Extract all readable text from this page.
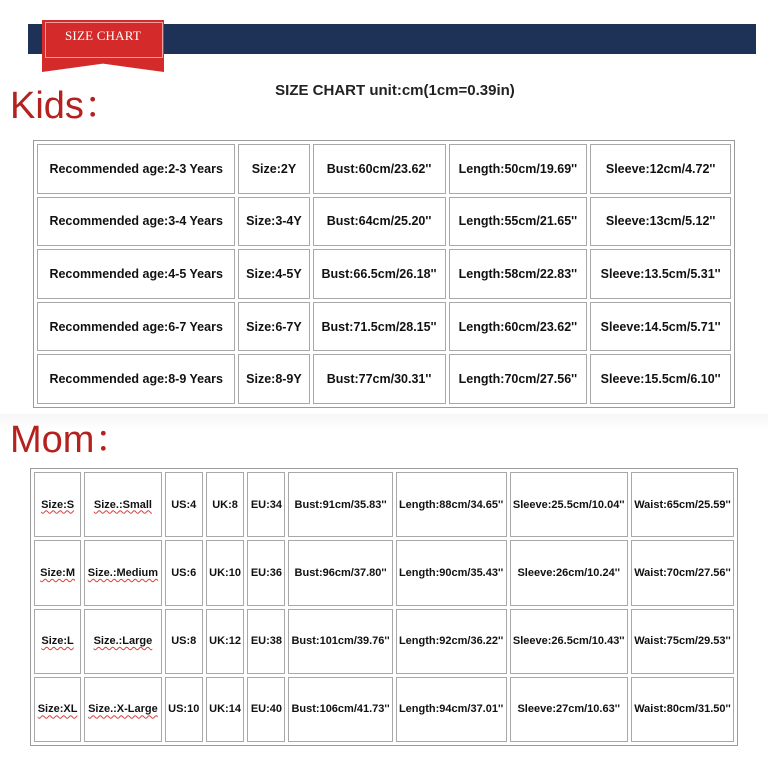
SIZE CHART
SIZE CHART unit:cm(1cm=0.39in)
Kids：
Recommended age:2-3 Years	Size:2Y	Bust:60cm/23.62''	Length:50cm/19.69''	Sleeve:12cm/4.72''
Recommended age:3-4 Years	Size:3-4Y	Bust:64cm/25.20''	Length:55cm/21.65''	Sleeve:13cm/5.12''
Recommended age:4-5 Years	Size:4-5Y	Bust:66.5cm/26.18''	Length:58cm/22.83''	Sleeve:13.5cm/5.31''
Recommended age:6-7 Years	Size:6-7Y	Bust:71.5cm/28.15''	Length:60cm/23.62''	Sleeve:14.5cm/5.71''
Recommended age:8-9 Years	Size:8-9Y	Bust:77cm/30.31''	Length:70cm/27.56''	Sleeve:15.5cm/6.10''
Mom：
Size:S	Size.:Small	US:4	UK:8	EU:34	Bust:91cm/35.83''	Length:88cm/34.65''	Sleeve:25.5cm/10.04''	Waist:65cm/25.59''
Size:M	Size.:Medium	US:6	UK:10	EU:36	Bust:96cm/37.80''	Length:90cm/35.43''	Sleeve:26cm/10.24''	Waist:70cm/27.56''
Size:L	Size.:Large	US:8	UK:12	EU:38	Bust:101cm/39.76''	Length:92cm/36.22''	Sleeve:26.5cm/10.43''	Waist:75cm/29.53''
Size:XL	Size.:X-Large	US:10	UK:14	EU:40	Bust:106cm/41.73''	Length:94cm/37.01''	Sleeve:27cm/10.63''	Waist:80cm/31.50''
